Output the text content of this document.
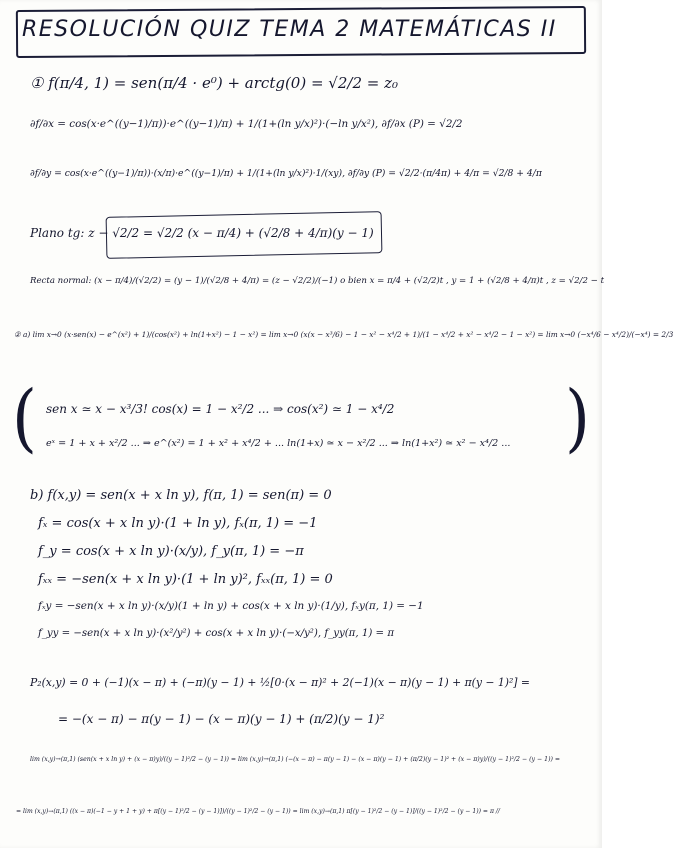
RESOLUCIÓN QUIZ TEMA 2 MATEMÁTICAS II
① f(π/4, 1) = sen(π/4 · e⁰) + arctg(0) = √2/2 = z₀
∂f/∂x = cos(x·e^((y−1)/π))·e^((y−1)/π) + 1/(1+(ln y/x)²)·(−ln y/x²), ∂f/∂x (P) = √2/2
∂f/∂y = cos(x·e^((y−1)/π))·(x/π)·e^((y−1)/π) + 1/(1+(ln y/x)²)·1/(xy), ∂f/∂y (P) = √2/2·(π/4π) + 4/π = √2/8 + 4/π
Plano tg: z − √2/2 = √2/2 (x − π/4) + (√2/8 + 4/π)(y − 1)
Recta normal: (x − π/4)/(√2/2) = (y − 1)/(√2/8 + 4/π) = (z − √2/2)/(−1) o bien x = π/4 + (√2/2)t , y = 1 + (√2/8 + 4/π)t , z = √2/2 − t
② a) lim x→0 (x·sen(x) − e^(x²) + 1)/(cos(x²) + ln(1+x²) − 1 − x²) = lim x→0 (x(x − x³/6) − 1 − x² − x⁴/2 + 1)/(1 − x⁴/2 + x² − x⁴/2 − 1 − x²) = lim x→0 (−x⁴/6 − x⁴/2)/(−x⁴) = 2/3
(	)
sen x ≃ x − x³/3! cos(x) = 1 − x²/2 ... ⇒ cos(x²) ≃ 1 − x⁴/2
eˣ = 1 + x + x²/2 ... ⇒ e^(x²) = 1 + x² + x⁴/2 + ... ln(1+x) ≃ x − x²/2 ... ⇒ ln(1+x²) ≃ x² − x⁴/2 ...
b) f(x,y) = sen(x + x ln y), f(π, 1) = sen(π) = 0
fₓ = cos(x + x ln y)·(1 + ln y), fₓ(π, 1) = −1
f_y = cos(x + x ln y)·(x/y), f_y(π, 1) = −π
fₓₓ = −sen(x + x ln y)·(1 + ln y)², fₓₓ(π, 1) = 0
fₓy = −sen(x + x ln y)·(x/y)(1 + ln y) + cos(x + x ln y)·(1/y), fₓy(π, 1) = −1
f_yy = −sen(x + x ln y)·(x²/y²) + cos(x + x ln y)·(−x/y²), f_yy(π, 1) = π
P₂(x,y) = 0 + (−1)(x − π) + (−π)(y − 1) + ½[0·(x − π)² + 2(−1)(x − π)(y − 1) + π(y − 1)²] =
= −(x − π) − π(y − 1) − (x − π)(y − 1) + (π/2)(y − 1)²
lim (x,y)→(π,1) (sen(x + x ln y) + (x − π)y)/((y − 1)²/2 − (y − 1)) = lim (x,y)→(π,1) (−(x − π) − π(y − 1) − (x − π)(y − 1) + (π/2)(y − 1)² + (x − π)y)/((y − 1)²/2 − (y − 1)) =
= lim (x,y)→(π,1) ((x − π)(−1 − y + 1 + y) + π[(y − 1)²/2 − (y − 1)])/((y − 1)²/2 − (y − 1)) = lim (x,y)→(π,1) π[(y − 1)²/2 − (y − 1)]/((y − 1)²/2 − (y − 1)) = π //
